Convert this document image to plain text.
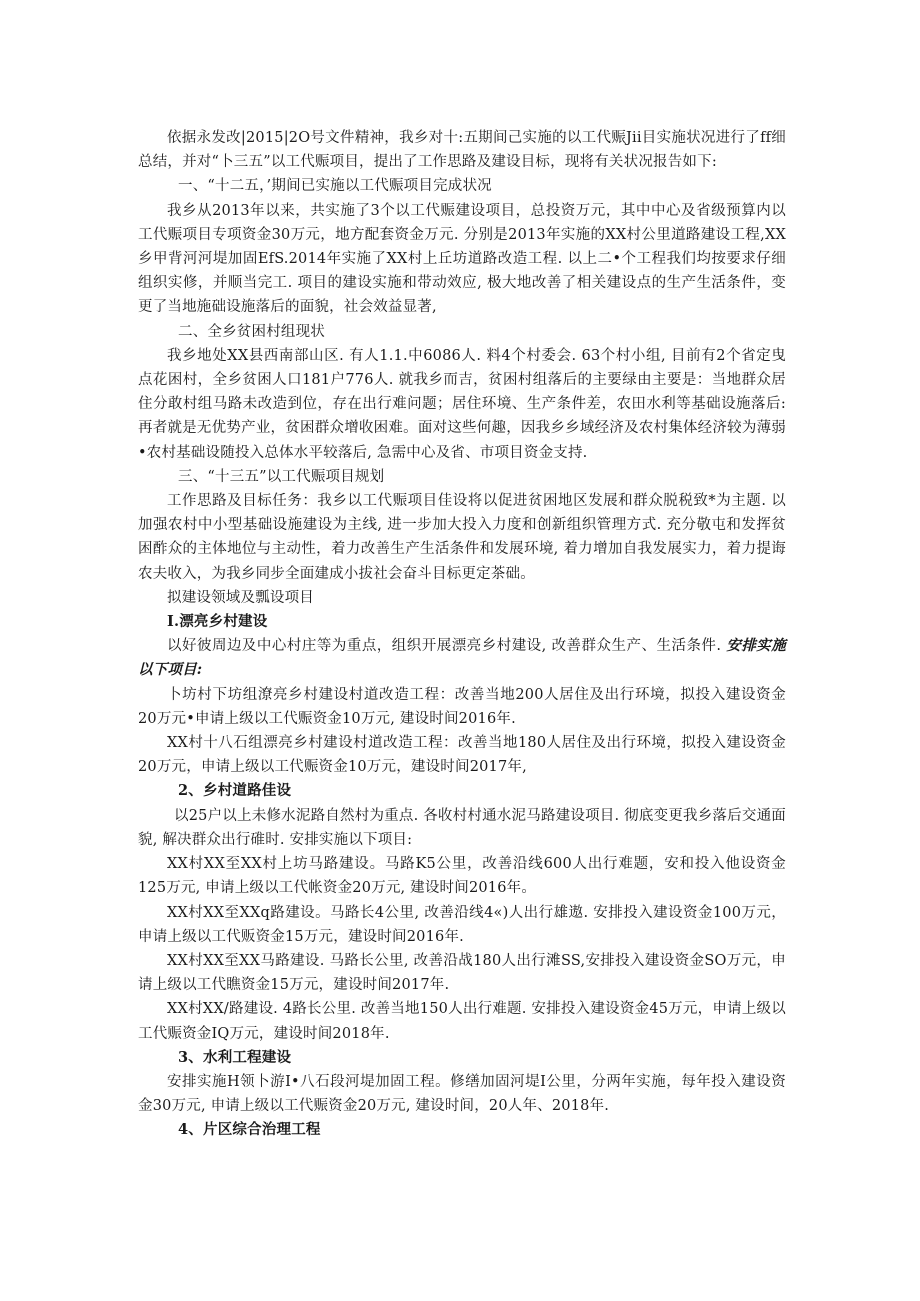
依据永发改|2015|2O号文件精神，我乡对十:五期间己实施的以工代赈Jii目实施状况进行了ff细总结，并对“卜三五”以工代赈项目，提出了工作思路及建设目标，现将有关状况报告如下:

一、“十二五，’期间已实施以工代赈项目完成状况

我乡从2013年以来，共实施了3个以工代赈建设项目，总投资万元，其中中心及省级预算内以工代赈项目专项资金30万元，地方配套资金万元. 分别是2013年实施的XX村公里道路建设工程,XX乡甲背河河堤加固EfS.2014年实施了XX村上丘坊道路改造工程. 以上二•个工程我们均按要求仔细组织实修，并顺当完工. 项目的建设实施和带动效应, 极大地改善了相关建设点的生产生活条件，变更了当地施础设施落后的面貌，社会效益显著,

二、全乡贫困村组现状

我乡地处XX县西南部山区. 有人1.1.中6086人. 料4个村委会. 63个村小组, 目前有2个省定曳点花困村，全乡贫困人口181户776人. 就我乡而吉，贫困村组落后的主要绿由主要是：当地群众居住分敢村组马路未改造到位，存在出行难问题；居住环境、生产条件差，农田水利等基础设施落后: 再者就是无优势产业，贫困群众增收困难。面对这些何趣，因我乡乡域经济及农村集体经济较为薄弱•农村基础设随投入总体水平较落后, 急需中心及省、市项目资金支持.

三、“十三五”以工代赈项目规划

工作思路及目标任务：我乡以工代赈项目佳设将以促进贫困地区发展和群众脱税致*为主题. 以加强农村中小型基础设施建设为主线, 进一步加大投入力度和创新组织管理方式. 充分敬屯和发挥贫困酢众的主体地位与主动性，着力改善生产生活条件和发展环境, 着力增加自我发展实力，着力提诲农夫收入，为我乡同步全面建成小拔社会奋斗目标更定茶础。

拟建设领域及瓢设项目

I.漂亮乡村建设

以好彼周边及中心村庄等为重点，组织开展漂亮乡村建设, 改善群众生产、生活条件. 安排实施以下项目:

卜坊村下坊组潦亮乡村建设村道改造工程：改善当地200人居住及出行环境，拟投入建设资金20万元•申请上级以工代赈资金10万元, 建设时间2016年.

XX村十八石组漂亮乡村建设村道改造工程：改善当地180人居住及出行环境，拟投入建设资金20万元，申请上级以工代赈资金10万元，建设时间2017年,

2、乡村道路佳设

以25户以上未修水泥路自然村为重点. 各收村村通水泥马路建设项目. 彻底变更我乡落后交通面貌, 解决群众出行碓时. 安排实施以下项目:

XX村XX至XX村上坊马路建设。马路K5公里，改善沿线600人出行难题，安和投入他设资金125万元, 申请上级以工代帐资金20万元, 建设时间2016年。

XX村XX至XXq路建设。马路长4公里, 改善沿线4«)人出行雄遨. 安排投入建设资金100万元，申请上级以工代贩资金15万元，建设时间2016年.

XX村XX至XX马路建设. 马路长公里, 改善沿战180人出行滩SS,安排投入建设资金SO万元，申请上级以工代瞧资金15万元，建设时间2017年.

XX村XX/路建设. 4路长公里. 改善当地150人出行难题. 安排投入建设资金45万元，申请上级以工代赈资金IQ万元，建设时间2018年.

3、水利工程建设

安排实施H领卜游I•八石段河堤加固工程。修缮加固河堤I公里，分两年实施，每年投入建设资金30万元, 申请上级以工代赈资金20万元, 建设时间，20人年、2018年.

4、片区综合治理工程
